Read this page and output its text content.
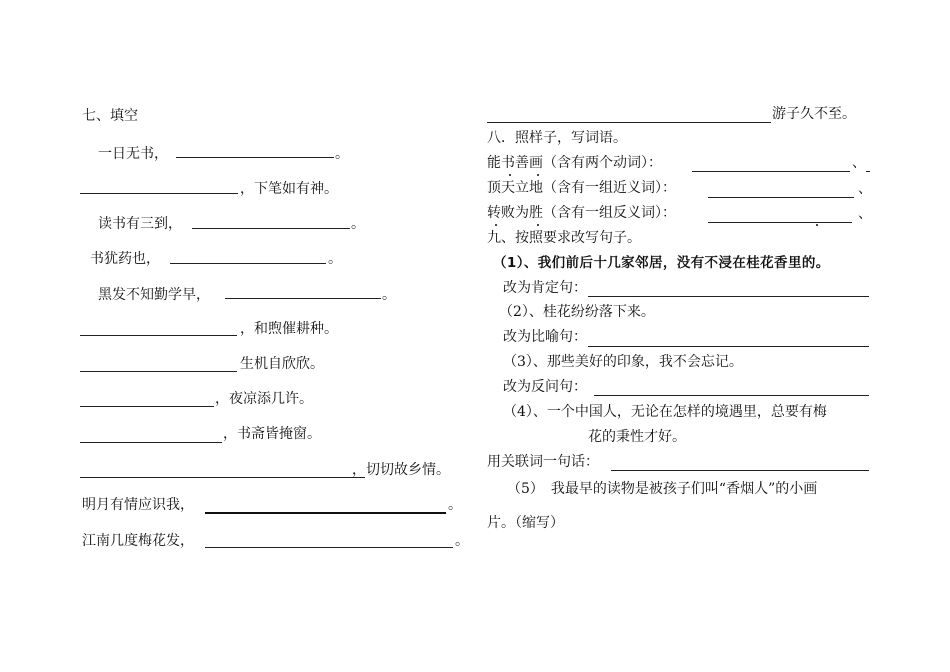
七、填空
一日无书，	。
，下笔如有神。
读书有三到，	。
书犹药也，	。
黑发不知勤学早，	。
，和煦催耕种。
生机自欣欣。
，夜凉添几许。
，书斋皆掩窗。
，切切故乡情。
明月有情应识我，	。
江南几度梅花发，	。
游子久不至。
八．照样子，写词语。
能书善画 （含有两个动词）：	、
顶天立地 （含有一组近义词）：	、
转败为胜 （含有一组反义词）：	、
九、按照要求改写句子。
（1）、我们前后十几家邻居，没有不浸在桂花香里的。
改为肯定句：
（2）、桂花纷纷落下来。
改为比喻句：
（3）、那些美好的印象，我不会忘记。
改为反问句：
（4）、一个中国人，无论在怎样的境遇里，总要有梅
花的秉性才好。
用关联词一句话：
（5）　我最早的读物是被孩子们叫“香烟人”的小画
片。（缩写）
